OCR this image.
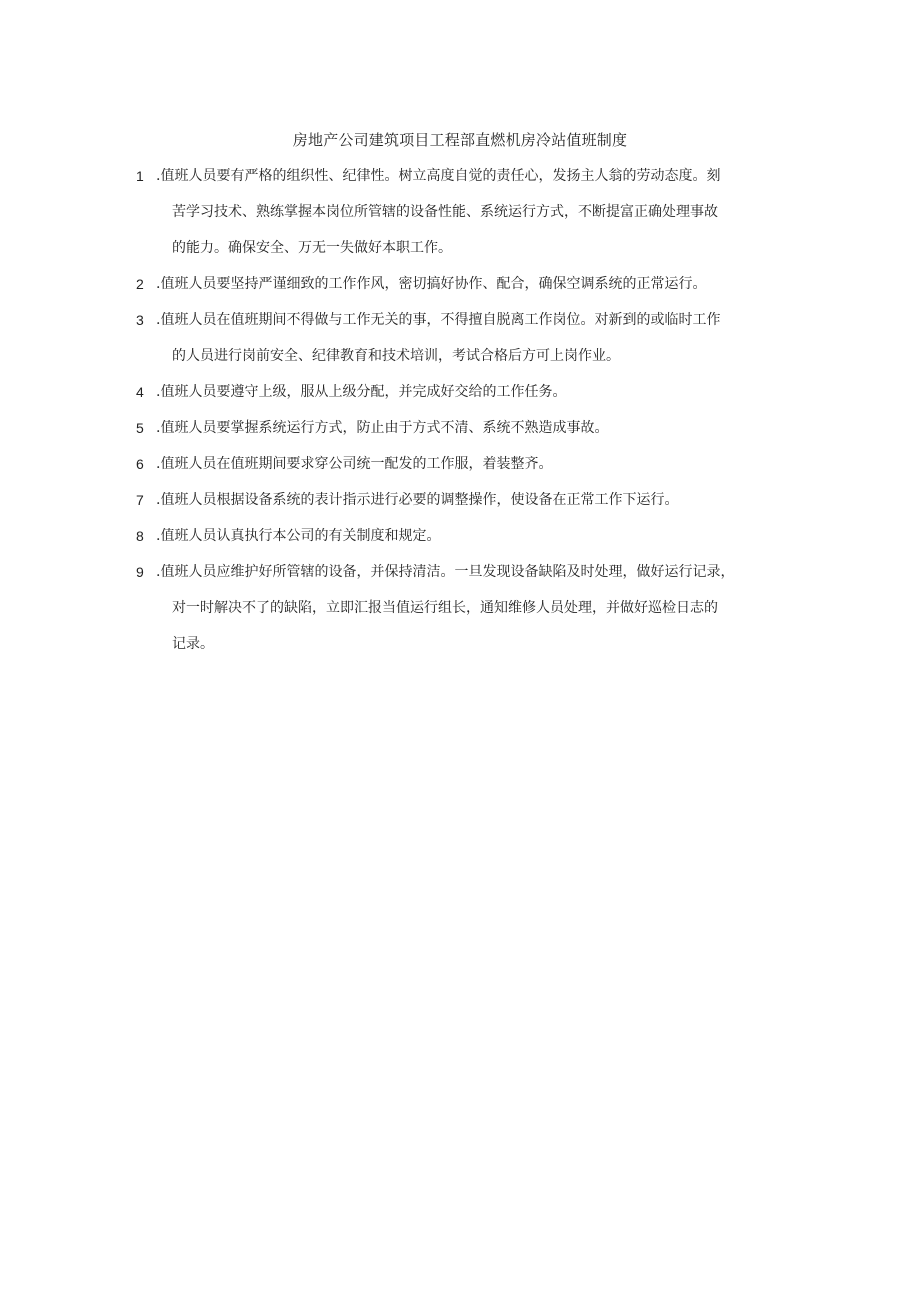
房地产公司建筑项目工程部直燃机房冷站值班制度
1 .值班人员要有严格的组织性、纪律性。树立高度自觉的责任心，发扬主人翁的劳动态度。刻
苦学习技术、熟练掌握本岗位所管辖的设备性能、系统运行方式，不断提富正确处理事故
的能力。确保安全、万无一失做好本职工作。
2 .值班人员要坚持严谨细致的工作作风，密切搞好协作、配合，确保空调系统的正常运行。
3 .值班人员在值班期间不得做与工作无关的事，不得擅自脱离工作岗位。对新到的或临时工作
的人员进行岗前安全、纪律教育和技术培训，考试合格后方可上岗作业。
4 .值班人员要遵守上级，服从上级分配，并完成好交给的工作任务。
5 .值班人员要掌握系统运行方式，防止由于方式不清、系统不熟造成事故。
6 .值班人员在值班期间要求穿公司统一配发的工作服，着装整齐。
7 .值班人员根据设备系统的表计指示进行必要的调整操作，使设备在正常工作下运行。
8 .值班人员认真执行本公司的有关制度和规定。
9 .值班人员应维护好所管辖的设备，并保持清洁。一旦发现设备缺陷及时处理，做好运行记录，
对一时解决不了的缺陷，立即汇报当值运行组长，通知维修人员处理，并做好巡检日志的
记录。
